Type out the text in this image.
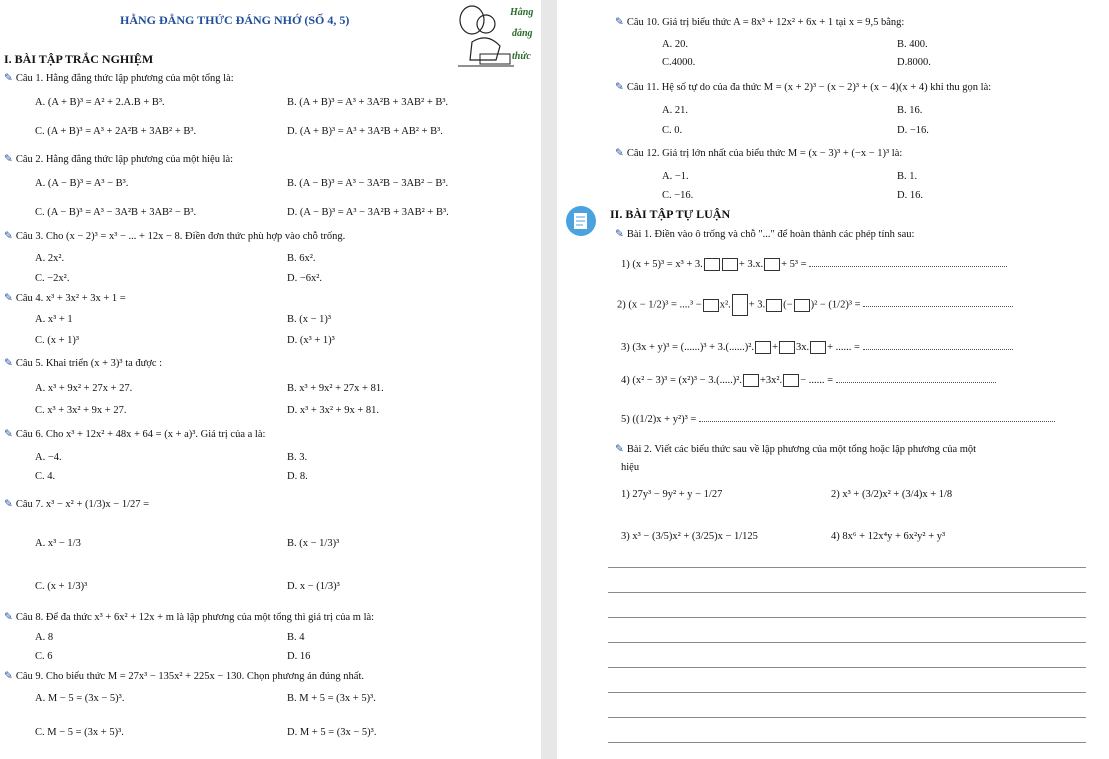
HẰNG ĐẲNG THỨC ĐÁNG NHỚ (SỐ 4, 5)
Hằng
đẳng
thức
I. BÀI TẬP TRẮC NGHIỆM
✎ Câu 1. Hằng đẳng thức lập phương của một tổng là:
A. (A + B)³ = A² + 2.A.B + B³.	B. (A + B)³ = A³ + 3A²B + 3AB² + B³.
C. (A + B)³ = A³ + 2A²B + 3AB² + B³.	D. (A + B)³ = A³ + 3A²B + AB² + B³.
✎ Câu 2. Hằng đẳng thức lập phương của một hiệu là:
A. (A − B)³ = A³ − B³.	B. (A − B)³ = A³ − 3A²B − 3AB² − B³.
C. (A − B)³ = A³ − 3A²B + 3AB² − B³.	D. (A − B)³ = A³ − 3A²B + 3AB² + B³.
✎ Câu 3. Cho (x − 2)³ = x³ − ... + 12x − 8. Điền đơn thức phù hợp vào chỗ trống.
A. 2x².	B. 6x².
C. −2x².	D. −6x².
✎ Câu 4. x³ + 3x² + 3x + 1 =
A. x³ + 1	B. (x − 1)³
C. (x + 1)³	D. (x³ + 1)³
✎ Câu 5. Khai triển (x + 3)³ ta được :
A. x³ + 9x² + 27x + 27.	B. x³ + 9x² + 27x + 81.
C. x³ + 3x² + 9x + 27.	D. x³ + 3x² + 9x + 81.
✎ Câu 6. Cho x³ + 12x² + 48x + 64 = (x + a)³. Giá trị của a là:
A. −4.	B. 3.
C. 4.	D. 8.
✎ Câu 7. x³ − x² + (1/3)x − 1/27 =
A. x³ − 1/3	B. (x − 1/3)³
C. (x + 1/3)³	D. x − (1/3)³
✎ Câu 8. Để đa thức x³ + 6x² + 12x + m là lập phương của một tổng thì giá trị của m là:
A. 8	B. 4
C. 6	D. 16
✎ Câu 9. Cho biểu thức M = 27x³ − 135x² + 225x − 130. Chọn phương án đúng nhất.
A. M − 5 = (3x − 5)³.	B. M + 5 = (3x + 5)³.
C. M − 5 = (3x + 5)³.	D. M + 5 = (3x − 5)³.
✎ Câu 10. Giá trị biểu thức A = 8x³ + 12x² + 6x + 1 tại x = 9,5 bằng:
A. 20.	B. 400.
C.4000.	D.8000.
✎ Câu 11. Hệ số tự do của đa thức M = (x + 2)³ − (x − 2)³ + (x − 4)(x + 4) khi thu gọn là:
A. 21.	B. 16.
C. 0.	D. −16.
✎ Câu 12. Giá trị lớn nhất của biểu thức M = (x − 3)³ + (−x − 1)³ là:
A. −1.	B. 1.
C. −16.	D. 16.
II. BÀI TẬP TỰ LUẬN
✎ Bài 1. Điền vào ô trống và chỗ "..." để hoàn thành các phép tính sau:
1) (x + 5)³ = x³ + 3.	+ 3.x. + 5³ =
2) (x − 1/2)³ = ....³ − x². + 3. (− )² − (1/2)³ =
3) (3x + y)³ = (......)³ + 3.(......)². + 3x. + ...... =
4) (x² − 3)³ = (x²)³ − 3.(.....)². +3x². − ...... =
5) ((1/2)x + y²)³ =
✎ Bài 2. Viết các biểu thức sau về lập phương của một tổng hoặc lập phương của một
hiệu
1) 27y³ − 9y² + y − 1/27	2) x³ + (3/2)x² + (3/4)x + 1/8
3) x³ − (3/5)x² + (3/25)x − 1/125	4) 8x⁶ + 12x⁴y + 6x²y² + y³
